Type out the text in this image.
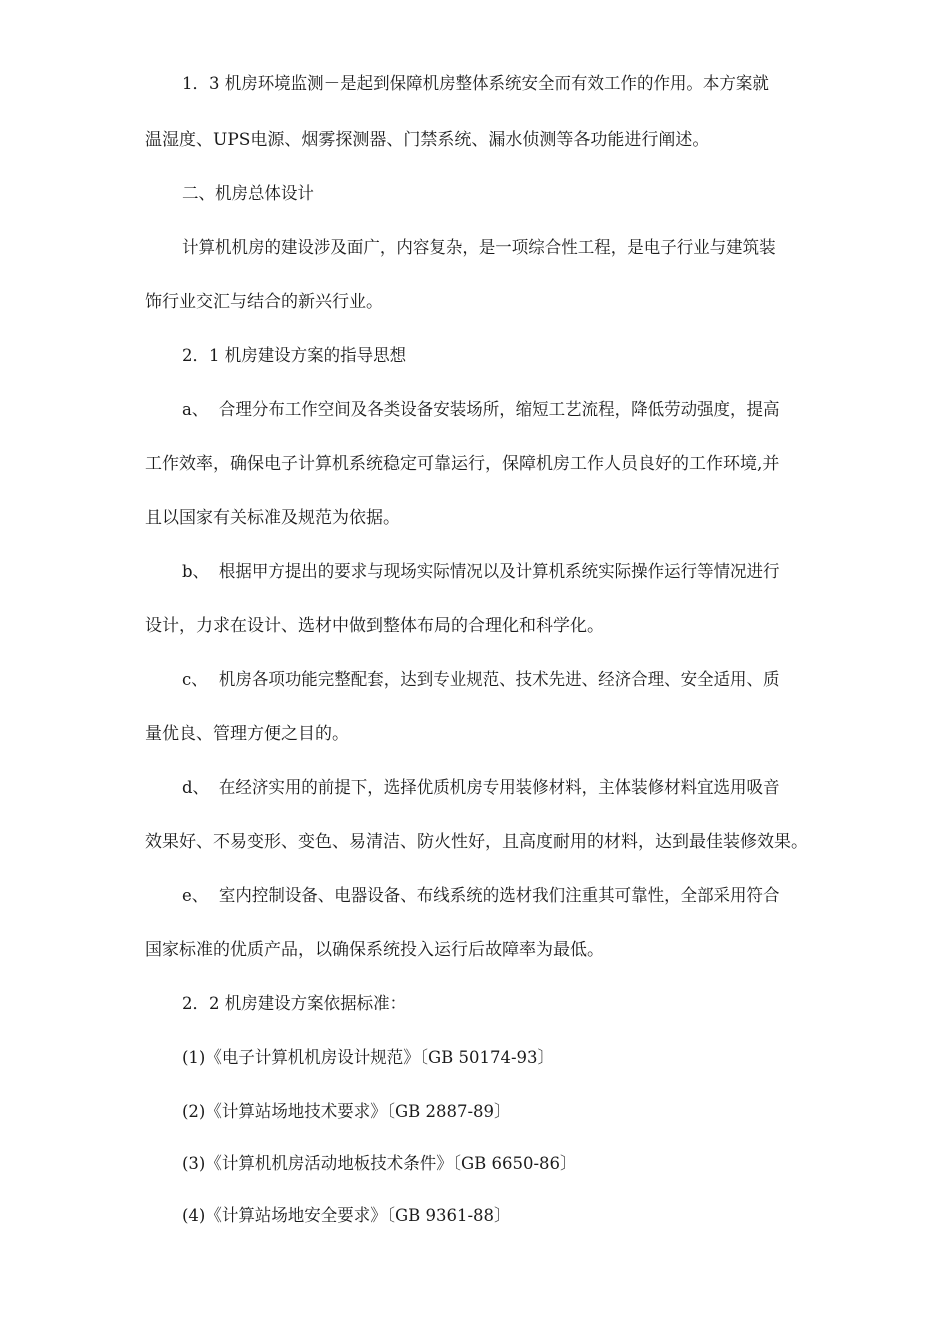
1．3 机房环境监测－是起到保障机房整体系统安全而有效工作的作用。本方案就
温湿度、UPS电源、烟雾探测器、门禁系统、漏水侦测等各功能进行阐述。
二、机房总体设计
计算机机房的建设涉及面广，内容复杂，是一项综合性工程，是电子行业与建筑装
饰行业交汇与结合的新兴行业。
2．1 机房建设方案的指导思想
a、 合理分布工作空间及各类设备安装场所，缩短工艺流程，降低劳动强度，提高
工作效率，确保电子计算机系统稳定可靠运行，保障机房工作人员良好的工作环境,并
且以国家有关标准及规范为依据。
b、 根据甲方提出的要求与现场实际情况以及计算机系统实际操作运行等情况进行
设计，力求在设计、选材中做到整体布局的合理化和科学化。
c、 机房各项功能完整配套，达到专业规范、技术先进、经济合理、安全适用、质
量优良、管理方便之目的。
d、 在经济实用的前提下，选择优质机房专用装修材料，主体装修材料宜选用吸音
效果好、不易变形、变色、易清洁、防火性好，且高度耐用的材料，达到最佳装修效果。
e、 室内控制设备、电器设备、布线系统的选材我们注重其可靠性，全部采用符合
国家标准的优质产品，以确保系统投入运行后故障率为最低。
2．2 机房建设方案依据标准：
(1)《电子计算机机房设计规范》〔GB 50174-93〕
(2)《计算站场地技术要求》〔GB 2887-89〕
(3)《计算机机房活动地板技术条件》〔GB 6650-86〕
(4)《计算站场地安全要求》〔GB 9361-88〕
